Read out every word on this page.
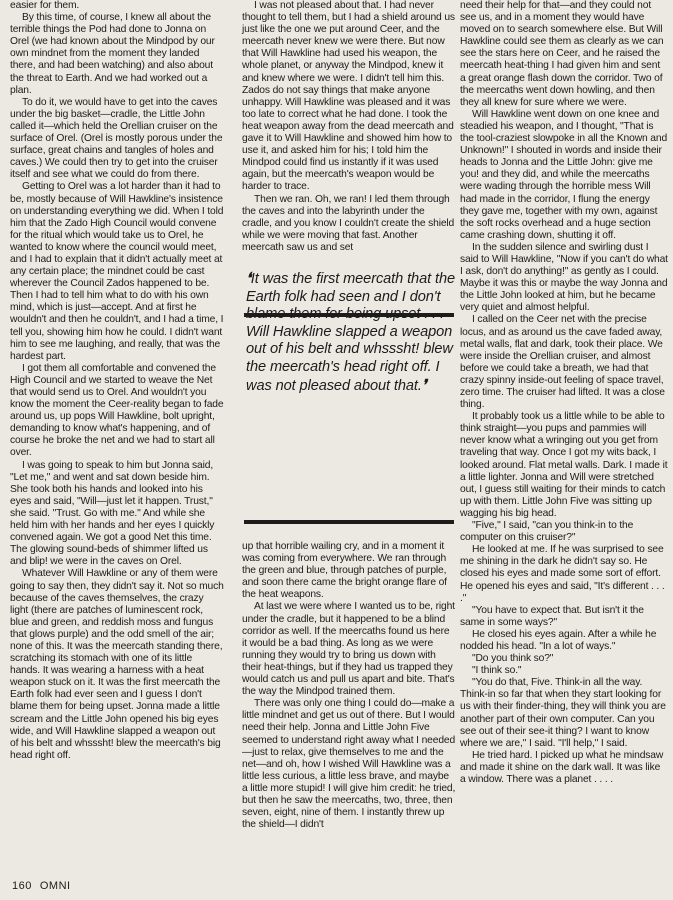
easier for them.

By this time, of course, I knew all about the terrible things the Pod had done to Jonna on Orel (we had known about the Mindpod by our own mindnet from the moment they landed there, and had been watching) and also about the threat to Earth. And we had worked out a plan.

To do it, we would have to get into the caves under the big basket—cradle, the Little John called it—which held the Orellian cruiser on the surface of Orel. (Orel is mostly porous under the surface, great chains and tangles of holes and caves.) We could then try to get into the cruiser itself and see what we could do from there.

Getting to Orel was a lot harder than it had to be, mostly because of Will Hawkline's insistence on understanding everything we did. When I told him that the Zado High Council would convene for the ritual which would take us to Orel, he wanted to know where the council would meet, and I had to explain that it didn't actually meet at any certain place; the mindnet could be cast wherever the Council Zados happened to be. Then I had to tell him what to do with his own mind, which is just—accept. And at first he wouldn't and then he couldn't, and I had a time, I tell you, showing him how he could. I didn't want him to see me laughing, and really, that was the hardest part.

I got them all comfortable and convened the High Council and we started to weave the Net that would send us to Orel. And wouldn't you know the moment the Ceer-reality began to fade around us, up pops Will Hawkline, bolt upright, demanding to know what's happening, and of course he broke the net and we had to start all over.

I was going to speak to him but Jonna said, "Let me," and went and sat down beside him. She took both his hands and looked into his eyes and said, "Will—just let it happen. Trust," she said. "Trust. Go with me." And while she held him with her hands and her eyes I quickly convened again. We got a good Net this time. The glowing sound-beds of shimmer lifted us and blip! we were in the caves on Orel.

Whatever Will Hawkline or any of them were going to say then, they didn't say it. Not so much because of the caves themselves, the crazy light (there are patches of luminescent rock, blue and green, and reddish moss and fungus that glows purple) and the odd smell of the air; none of this. It was the meercath standing there, scratching its stomach with one of its little hands. It was wearing a harness with a heat weapon stuck on it. It was the first meercath the Earth folk had ever seen and I guess I don't blame them for being upset. Jonna made a little scream and the Little John opened his big eyes wide, and Will Hawkline slapped a weapon out of his belt and whsssht! blew the meercath's big head right off.

I was not pleased about that. I had never thought to tell them, but I had a shield around us just like the one we put around Ceer, and the meercath never knew we were there. But now that Will Hawkline had used his weapon, the whole planet, or anyway the Mindpod, knew it and knew where we were. I didn't tell him this. Zados do not say things that make anyone unhappy. Will Hawkline was pleased and it was too late to correct what he had done. I took the heat weapon away from the dead meercath and gave it to Will Hawkline and showed him how to use it, and asked him for his; I told him the Mindpod could find us instantly if it was used again, but the meercath's weapon would be harder to trace.

Then we ran. Oh, we ran! I led them through the caves and into the labyrinth under the cradle, and you know I couldn't create the shield while we were moving that fast. Another meercath saw us and set

❛It was the first meercath that the Earth folk had seen and I don't blame them for being upset . . . Will Hawkline slapped a weapon out of his belt and whsssht! blew the meercath's head right off. I was not pleased about that.❜

up that horrible wailing cry, and in a moment it was coming from everywhere. We ran through the green and blue, through patches of purple, and soon there came the bright orange flare of the heat weapons.

At last we were where I wanted us to be, right under the cradle, but it happened to be a blind corridor as well. If the meercaths found us here it would be a bad thing. As long as we were running they would try to bring us down with their heat-things, but if they had us trapped they would catch us and pull us apart and bite. That's the way the Mindpod trained them.

There was only one thing I could do—make a little mindnet and get us out of there. But I would need their help. Jonna and Little John Five seemed to understand right away what I needed—just to relax, give themselves to me and the net—and oh, how I wished Will Hawkline was a little less curious, a little less brave, and maybe a little more stupid! I will give him credit: he tried, but then he saw the meercaths, two, three, then seven, eight, nine of them. I instantly threw up the shield—I didn't

need their help for that—and they could not see us, and in a moment they would have moved on to search somewhere else. But Will Hawkline could see them as clearly as we can see the stars here on Ceer, and he raised the meercath heat-thing I had given him and sent a great orange flash down the corridor. Two of the meercaths went down howling, and then they all knew for sure where we were.

Will Hawkline went down on one knee and steadied his weapon, and I thought, "That is the tool-craziest slowpoke in all the Known and Unknown!" I shouted in words and inside their heads to Jonna and the Little John: give me you! and they did, and while the meercaths were wading through the horrible mess Will had made in the corridor, I flung the energy they gave me, together with my own, against the soft rocks overhead and a huge section came crashing down, shutting it off.

In the sudden silence and swirling dust I said to Will Hawkline, "Now if you can't do what I ask, don't do anything!" as gently as I could. Maybe it was this or maybe the way Jonna and the Little John looked at him, but he became very quiet and almost helpful.

I called on the Ceer net with the precise locus, and as around us the cave faded away, metal walls, flat and dark, took their place. We were inside the Orellian cruiser, and almost before we could take a breath, we had that crazy spinny inside-out feeling of space travel, zero time. The cruiser had lifted. It was a close thing.

It probably took us a little while to be able to think straight—you pups and pammies will never know what a wringing out you get from traveling that way. Once I got my wits back, I looked around. Flat metal walls. Dark. I made it a little lighter. Jonna and Will were stretched out, I guess still waiting for their minds to catch up with them. Little John Five was sitting up wagging his big head.

"Five," I said, "can you think-in to the computer on this cruiser?"

He looked at me. If he was surprised to see me shining in the dark he didn't say so. He closed his eyes and made some sort of effort. He opened his eyes and said, "It's different . . . ."

"You have to expect that. But isn't it the same in some ways?"

He closed his eyes again. After a while he nodded his head. "In a lot of ways."

"Do you think so?"

"I think so."

"You do that, Five. Think-in all the way. Think-in so far that when they start looking for us with their finder-thing, they will think you are another part of their own computer. Can you see out of their see-it thing? I want to know where we are," I said. "I'll help," I said.

He tried hard. I picked up what he mindsaw and made it shine on the dark wall. It was like a window. There was a planet . . . .

160 OMNI
